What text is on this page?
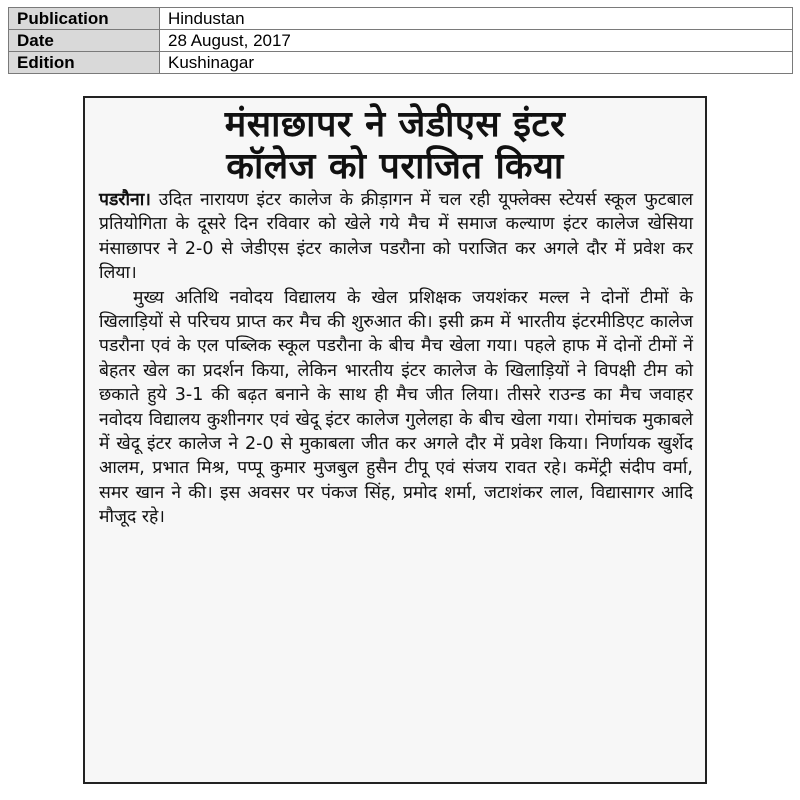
Publication	Hindustan
Date	28 August, 2017
Edition	Kushinagar
मंसाछापर ने जेडीएस इंटर
कॉलेज को पराजित किया

पडरौना। उदित नारायण इंटर कालेज के क्रीड़ागन में चल रही यूफ्लेक्स स्टेयर्स स्कूल फुटबाल प्रतियोगिता के दूसरे दिन रविवार को खेले गये मैच में समाज कल्याण इंटर कालेज खेसिया मंसाछापर ने 2-0 से जेडीएस इंटर कालेज पडरौना को पराजित कर अगले दौर में प्रवेश कर लिया।

मुख्य अतिथि नवोदय विद्यालय के खेल प्रशिक्षक जयशंकर मल्ल ने दोनों टीमों के खिलाड़ियों से परिचय प्राप्त कर मैच की शुरुआत की। इसी क्रम में भारतीय इंटरमीडिएट कालेज पडरौना एवं के एल पब्लिक स्कूल पडरौना के बीच मैच खेला गया। पहले हाफ में दोनों टीमों नें बेहतर खेल का प्रदर्शन किया, लेकिन भारतीय इंटर कालेज के खिलाड़ियों ने विपक्षी टीम को छकाते हुये 3-1 की बढ़त बनाने के साथ ही मैच जीत लिया। तीसरे राउन्ड का मैच जवाहर नवोदय विद्यालय कुशीनगर एवं खेदू इंटर कालेज गुलेलहा के बीच खेला गया। रोमांचक मुकाबले में खेदू इंटर कालेज ने 2-0 से मुकाबला जीत कर अगले दौर में प्रवेश किया। निर्णायक खुर्शेद आलम, प्रभात मिश्र, पप्पू कुमार मुजबुल हुसैन टीपू एवं संजय रावत रहे। कमेंट्री संदीप वर्मा, समर खान ने की। इस अवसर पर पंकज सिंह, प्रमोद शर्मा, जटाशंकर लाल, विद्यासागर आदि मौजूद रहे।
